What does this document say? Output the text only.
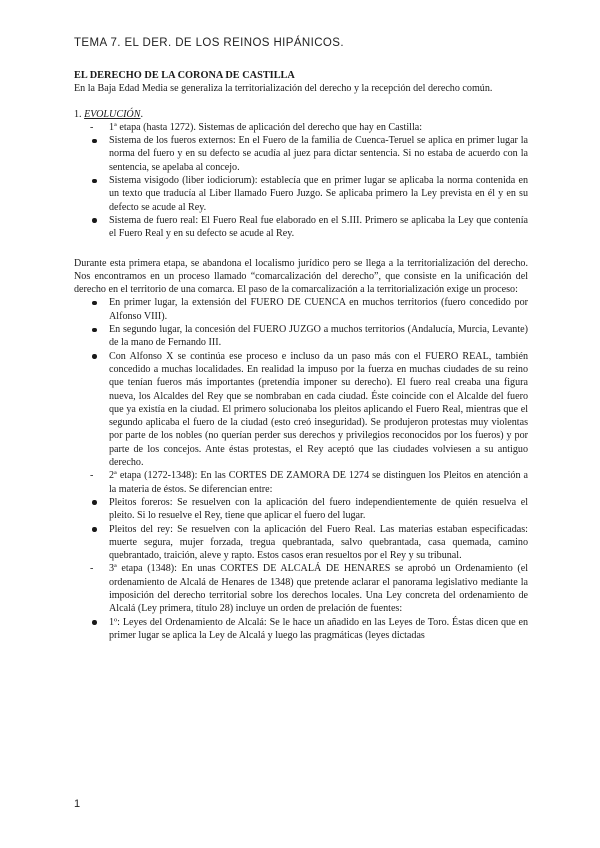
TEMA 7. EL DER. DE LOS REINOS HIPÁNICOS.

EL DERECHO DE LA CORONA DE CASTILLA

En la Baja Edad Media se generaliza la territorialización del derecho y la recepción del derecho común.

1. EVOLUCIÓN.

- 1ª etapa (hasta 1272). Sistemas de aplicación del derecho que hay en Castilla:
Sistema de los fueros externos: En el Fuero de la familia de Cuenca-Teruel se aplica en primer lugar la norma del fuero y en su defecto se acudía al juez para dictar sentencia. Si no estaba de acuerdo con la sentencia, se apelaba al concejo.
Sistema visigodo (liber iodiciorum): establecía que en primer lugar se aplicaba la norma contenida en un texto que traducía al Liber llamado Fuero Juzgo. Se aplicaba primero la Ley prevista en él y en su defecto se acude al Rey.
Sistema de fuero real: El Fuero Real fue elaborado en el S.III. Primero se aplicaba la Ley que contenía el Fuero Real y en su defecto se acude al Rey.

Durante esta primera etapa, se abandona el localismo jurídico pero se llega a la territorialización del derecho. Nos encontramos en un proceso llamado “comarcalización del derecho”, que consiste en la unificación del derecho en el territorio de una comarca. El paso de la comarcalización a la territorialización exige un proceso:

En primer lugar, la extensión del FUERO DE CUENCA en muchos territorios (fuero concedido por Alfonso VIII).
En segundo lugar, la concesión del FUERO JUZGO a muchos territorios (Andalucía, Murcia, Levante) de la mano de Fernando III.
Con Alfonso X se continúa ese proceso e incluso da un paso más con el FUERO REAL, también concedido a muchas localidades. En realidad la impuso por la fuerza en muchas ciudades de su reino que tenían fueros más importantes (pretendía imponer su derecho). El fuero real creaba una figura nueva, los Alcaldes del Rey que se nombraban en cada ciudad. Éste coincide con el Alcalde del fuero que ya existía en la ciudad. El primero solucionaba los pleitos aplicando el Fuero Real, mientras que el segundo aplicaba el fuero de la ciudad (esto creó inseguridad). Se produjeron protestas muy violentas por parte de los nobles (no querían perder sus derechos y privilegios reconocidos por los fueros) y por parte de los concejos. Ante éstas protestas, el Rey aceptó que las ciudades volviesen a su antiguo derecho.
- 2ª etapa (1272-1348): En las CORTES DE ZAMORA DE 1274 se distinguen los Pleitos en atención a la materia de éstos. Se diferencian entre:
Pleitos foreros: Se resuelven con la aplicación del fuero independientemente de quién resuelva el pleito. Si lo resuelve el Rey, tiene que aplicar el fuero del lugar.
Pleitos del rey: Se resuelven con la aplicación del Fuero Real. Las materias estaban especificadas: muerte segura, mujer forzada, tregua quebrantada, salvo quebrantada, casa quemada, camino quebrantado, traición, aleve y rapto. Estos casos eran resueltos por el Rey y su tribunal.
- 3ª etapa (1348): En unas CORTES DE ALCALÁ DE HENARES se aprobó un Ordenamiento (el ordenamiento de Alcalá de Henares de 1348) que pretende aclarar el panorama legislativo mediante la imposición del derecho territorial sobre los derechos locales. Una Ley concreta del ordenamiento de Alcalá (Ley primera, título 28) incluye un orden de prelación de fuentes:
1º: Leyes del Ordenamiento de Alcalá: Se le hace un añadido en las Leyes de Toro. Éstas dicen que en primer lugar se aplica la Ley de Alcalá y luego las pragmáticas (leyes dictadas
1
